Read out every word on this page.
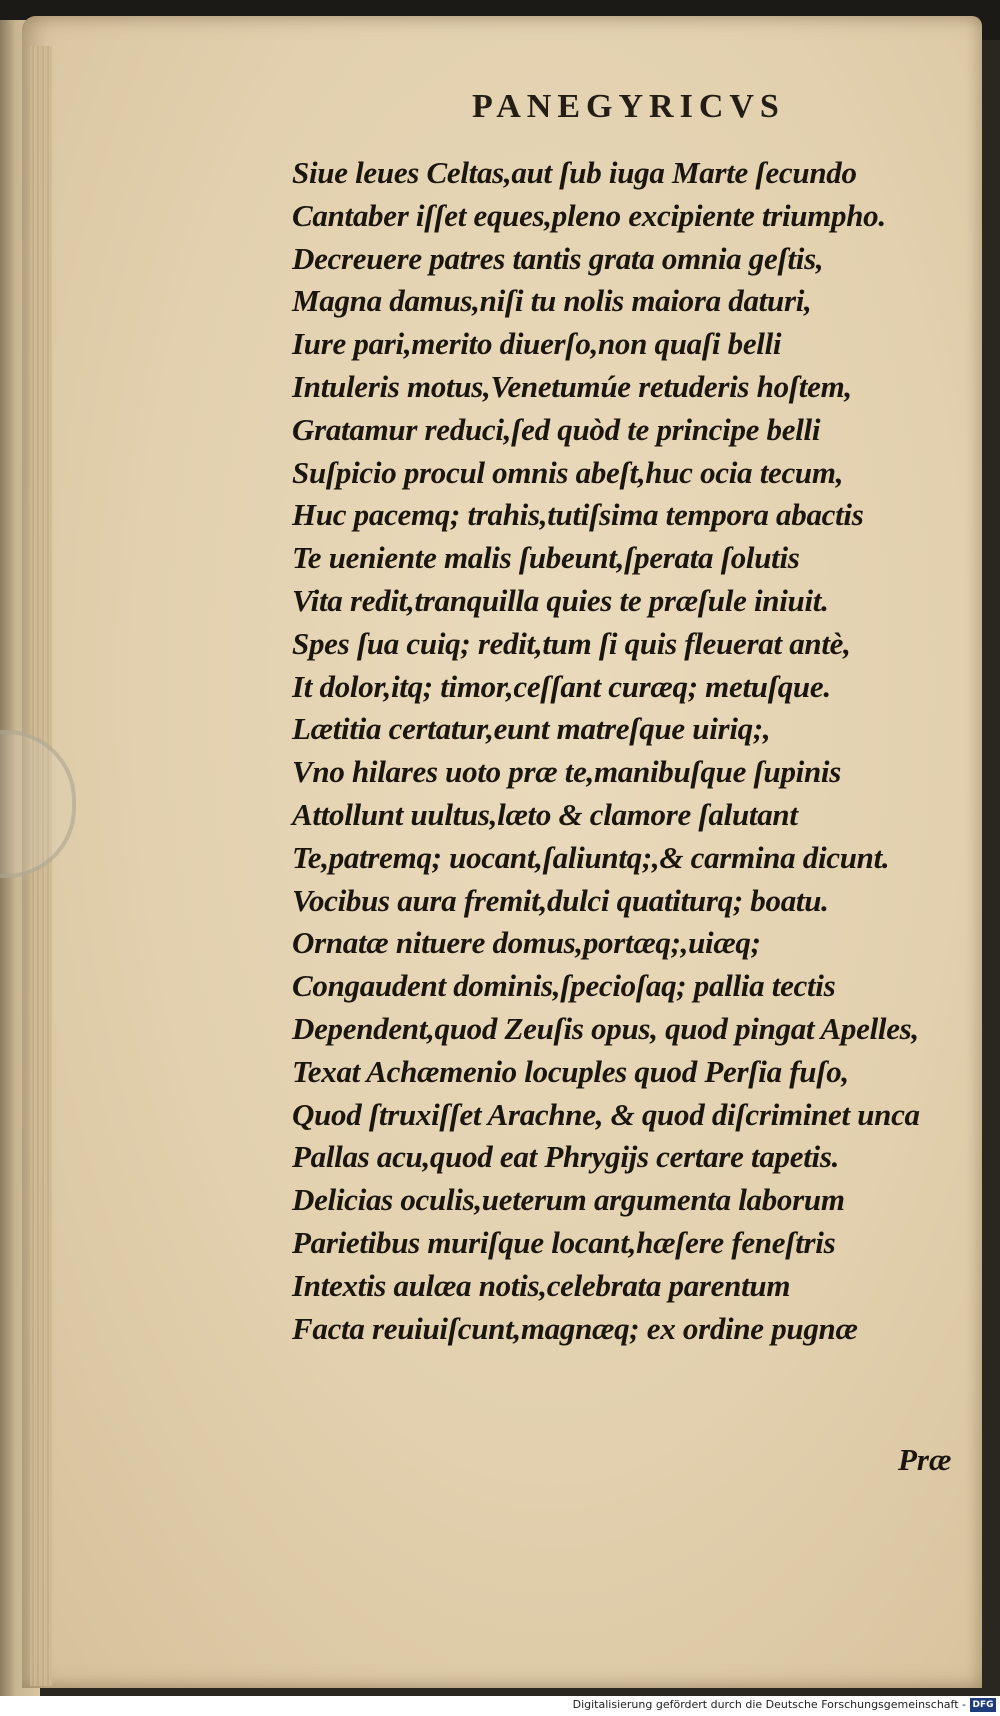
PANEGYRICVS
Siue leues Celtas,aut ſub iuga Marte ſecundo
Cantaber iſſet eques,pleno excipiente triumpho.
Decreuere patres tantis grata omnia geſtis,
Magna damus,niſi tu nolis maiora daturi,
Iure pari,merito diuerſo,non quaſi belli
Intuleris motus,Venetumúe retuderis hoſtem,
Gratamur reduci,ſed quòd te principe belli
Suſpicio procul omnis abeſt,huc ocia tecum,
Huc pacemq; trahis,tutiſsima tempora abactis
Te ueniente malis ſubeunt,ſperata ſolutis
Vita redit,tranquilla quies te præſule iniuit.
Spes ſua cuiq; redit,tum ſi quis fleuerat antè,
It dolor,itq; timor,ceſſant curæq; metuſque.
Lætitia certatur,eunt matreſque uiriq;,
Vno hilares uoto præ te,manibuſque ſupinis
Attollunt uultus,læto & clamore ſalutant
Te,patremq; uocant,ſaliuntq;,& carmina dicunt.
Vocibus aura fremit,dulci quatiturq; boatu.
Ornatæ nituere domus,portæq;,uiæq;
Congaudent dominis,ſpecioſaq; pallia tectis
Dependent,quod Zeuſis opus, quod pingat Apelles,
Texat Achæmenio locuples quod Perſia fuſo,
Quod ſtruxiſſet Arachne, & quod diſcriminet unca
Pallas acu,quod eat Phrygijs certare tapetis.
Delicias oculis,ueterum argumenta laborum
Parietibus muriſque locant,hæſere feneſtris
Intextis aulæa notis,celebrata parentum
Facta reuiuiſcunt,magnæq; ex ordine pugnæ
Præ
Digitalisierung gefördert durch die Deutsche Forschungsgemeinschaft - DFG
